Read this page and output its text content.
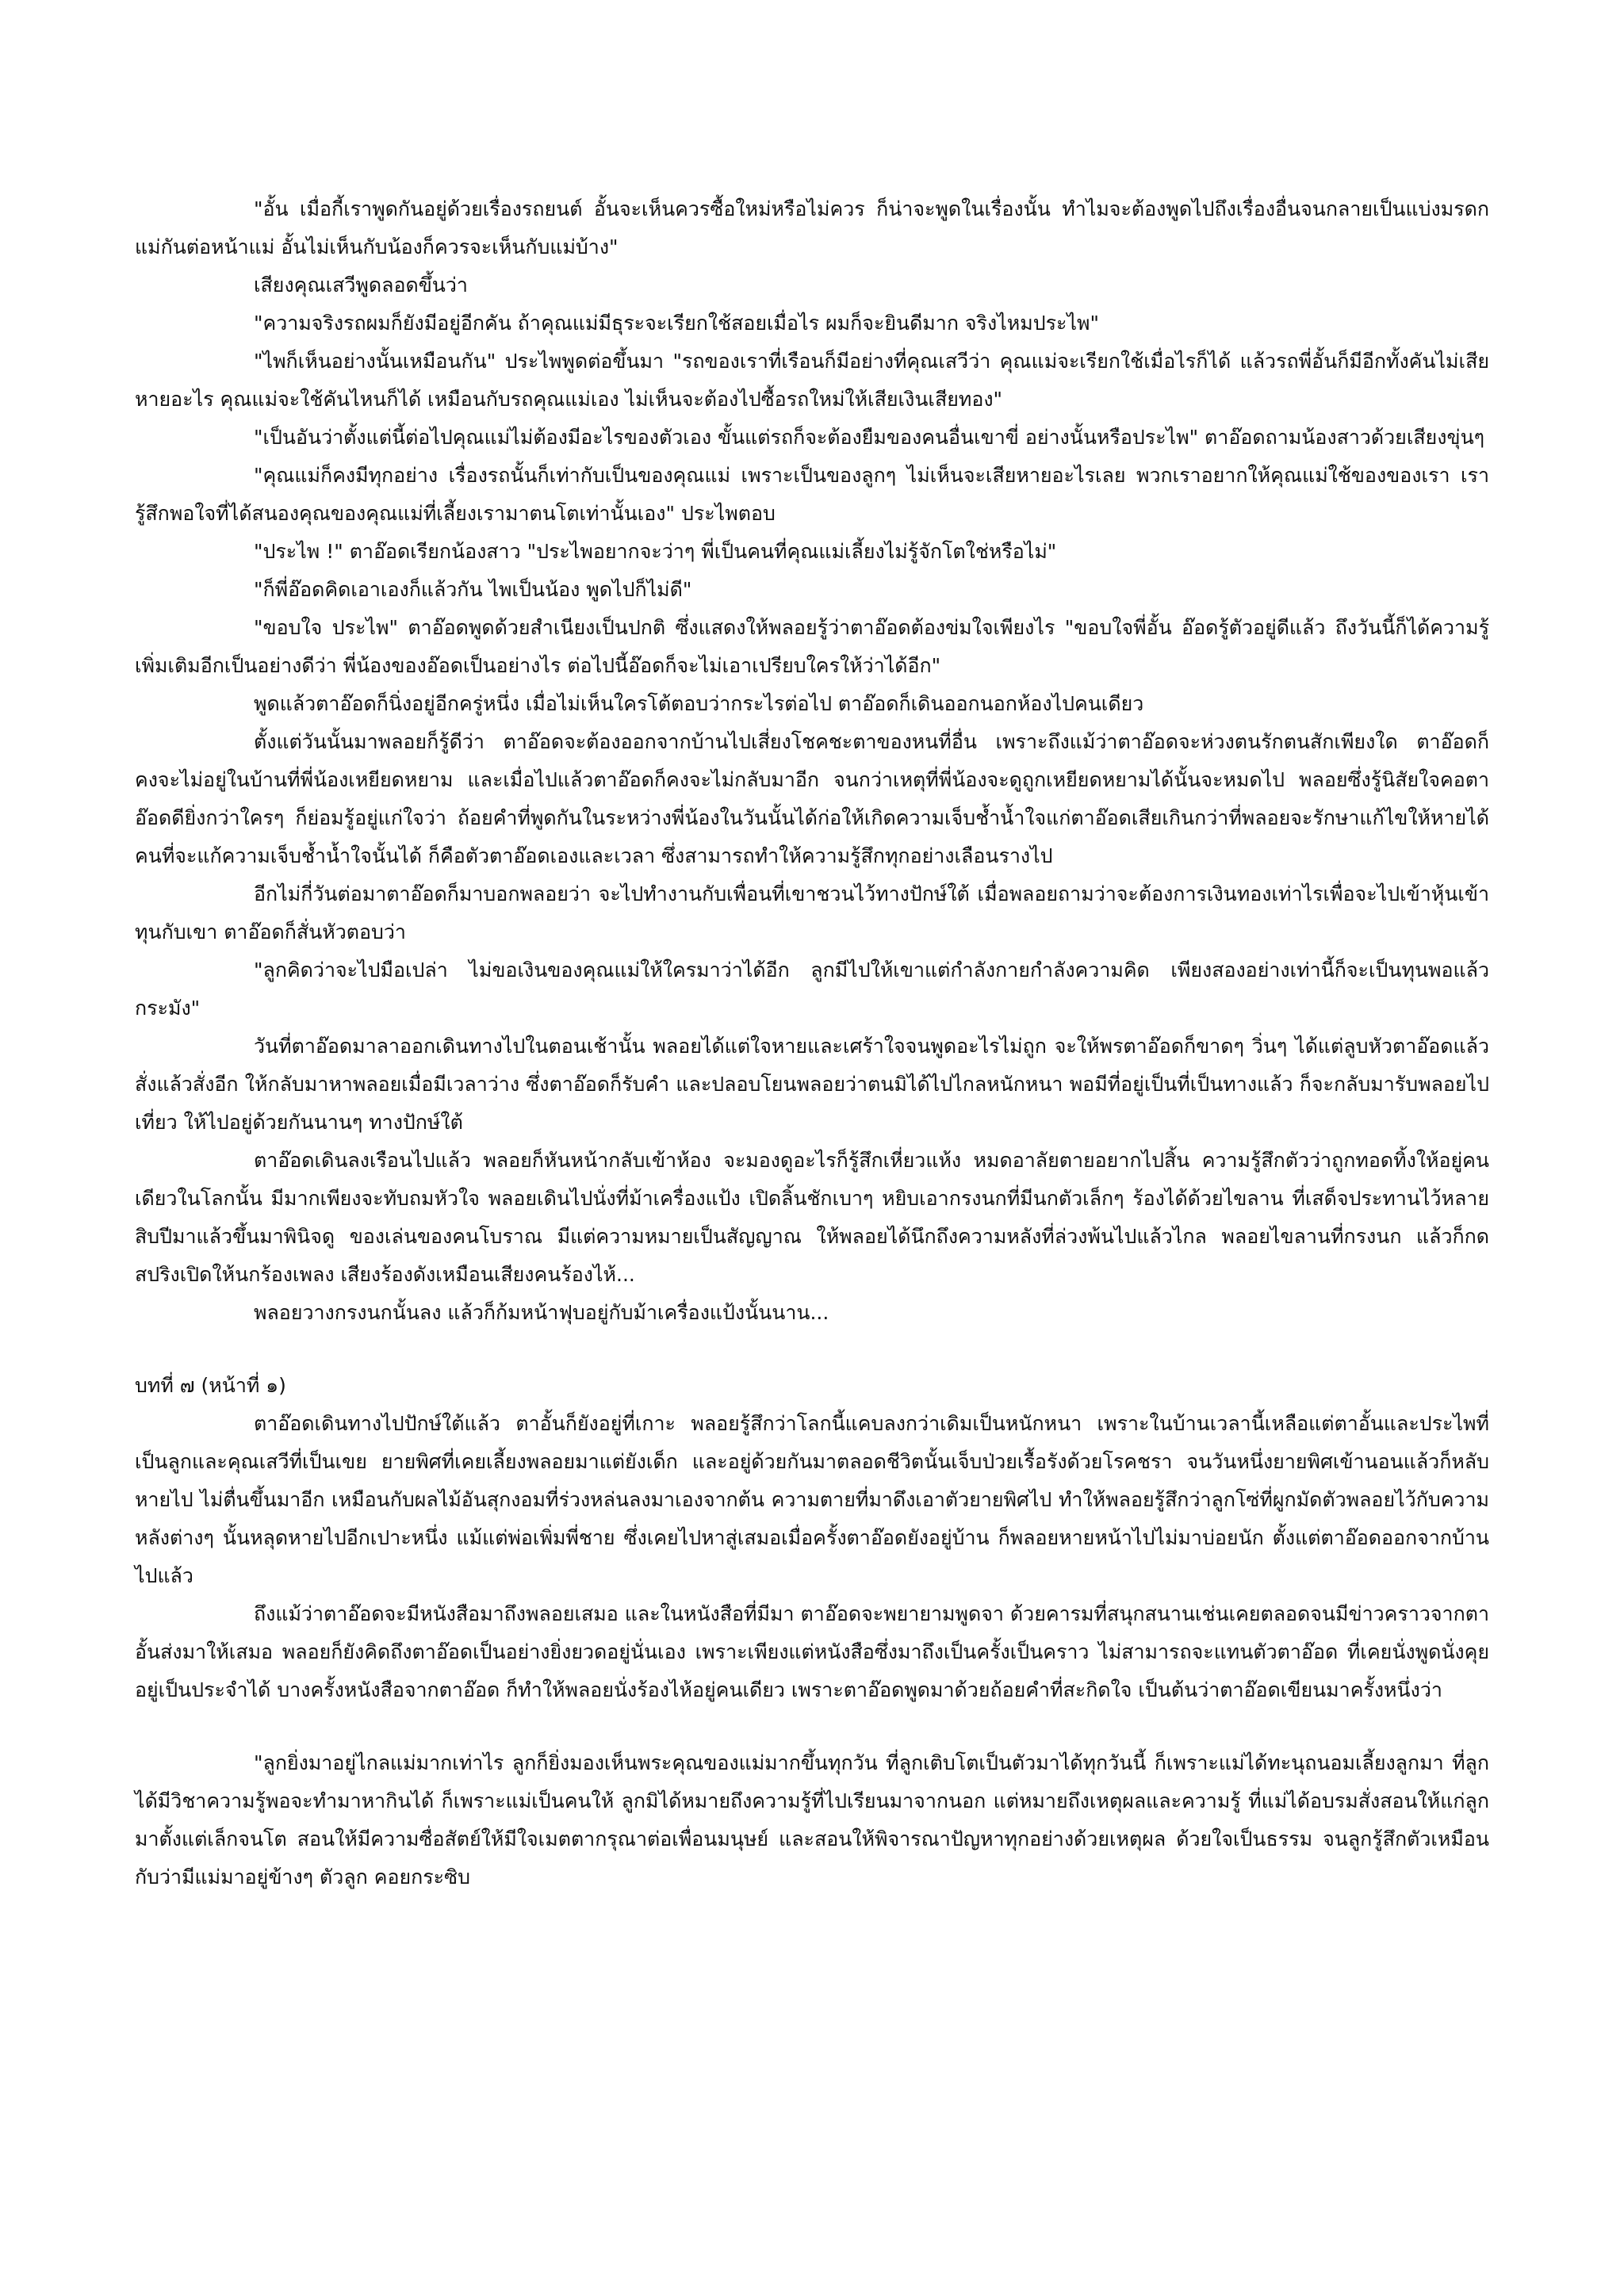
"อั้น เมื่อกี้เราพูดกันอยู่ด้วยเรื่องรถยนต์ อั้นจะเห็นควรซื้อใหม่หรือไม่ควร ก็น่าจะพูดในเรื่องนั้น ทำไมจะต้องพูดไปถึงเรื่องอื่นจนกลายเป็นแบ่งมรดกแม่กันต่อหน้าแม่ อั้นไม่เห็นกับน้องก็ควรจะเห็นกับแม่บ้าง"

เสียงคุณเสวีพูดลอดขึ้นว่า

"ความจริงรถผมก็ยังมีอยู่อีกคัน ถ้าคุณแม่มีธุระจะเรียกใช้สอยเมื่อไร ผมก็จะยินดีมาก จริงไหมประไพ"

"ไพก็เห็นอย่างนั้นเหมือนกัน" ประไพพูดต่อขึ้นมา "รถของเราที่เรือนก็มีอย่างที่คุณเสวีว่า คุณแม่จะเรียกใช้เมื่อไรก็ได้ แล้วรถพี่อั้นก็มีอีกทั้งคันไม่เสียหายอะไร คุณแม่จะใช้คันไหนก็ได้ เหมือนกับรถคุณแม่เอง ไม่เห็นจะต้องไปซื้อรถใหม่ให้เสียเงินเสียทอง"

"เป็นอันว่าตั้งแต่นี้ต่อไปคุณแม่ไม่ต้องมีอะไรของตัวเอง ขั้นแต่รถก็จะต้องยืมของคนอื่นเขาขี่ อย่างนั้นหรือประไพ" ตาอ๊อดถามน้องสาวด้วยเสียงขุ่นๆ

"คุณแม่ก็คงมีทุกอย่าง เรื่องรถนั้นก็เท่ากับเป็นของคุณแม่ เพราะเป็นของลูกๆ ไม่เห็นจะเสียหายอะไรเลย พวกเราอยากให้คุณแม่ใช้ของของเรา เรารู้สึกพอใจที่ได้สนองคุณของคุณแม่ที่เลี้ยงเรามาตนโตเท่านั้นเอง" ประไพตอบ

"ประไพ !" ตาอ๊อดเรียกน้องสาว "ประไพอยากจะว่าๆ พี่เป็นคนที่คุณแม่เลี้ยงไม่รู้จักโตใช่หรือไม่"

"ก็พี่อ๊อดคิดเอาเองก็แล้วกัน ไพเป็นน้อง พูดไปก็ไม่ดี"

"ขอบใจ ประไพ" ตาอ๊อดพูดด้วยสำเนียงเป็นปกติ ซึ่งแสดงให้พลอยรู้ว่าตาอ๊อดต้องข่มใจเพียงไร "ขอบใจพี่อั้น อ๊อดรู้ตัวอยู่ดีแล้ว ถึงวันนี้ก็ได้ความรู้เพิ่มเติมอีกเป็นอย่างดีว่า พี่น้องของอ๊อดเป็นอย่างไร ต่อไปนี้อ๊อดก็จะไม่เอาเปรียบใครให้ว่าได้อีก"

พูดแล้วตาอ๊อดก็นิ่งอยู่อีกครู่หนึ่ง เมื่อไม่เห็นใครโต้ตอบว่ากระไรต่อไป ตาอ๊อดก็เดินออกนอกห้องไปคนเดียว

ตั้งแต่วันนั้นมาพลอยก็รู้ดีว่า ตาอ๊อดจะต้องออกจากบ้านไปเสี่ยงโชคชะตาของหนที่อื่น เพราะถึงแม้ว่าตาอ๊อดจะห่วงตนรักตนสักเพียงใด ตาอ๊อดก็คงจะไม่อยู่ในบ้านที่พี่น้องเหยียดหยาม และเมื่อไปแล้วตาอ๊อดก็คงจะไม่กลับมาอีก จนกว่าเหตุที่พี่น้องจะดูถูกเหยียดหยามได้นั้นจะหมดไป พลอยซึ่งรู้นิสัยใจคอตาอ๊อดดียิ่งกว่าใครๆ ก็ย่อมรู้อยู่แก่ใจว่า ถ้อยคำที่พูดกันในระหว่างพี่น้องในวันนั้นได้ก่อให้เกิดความเจ็บช้ำน้ำใจแก่ตาอ๊อดเสียเกินกว่าที่พลอยจะรักษาแก้ไขให้หายได้ คนที่จะแก้ความเจ็บช้ำน้ำใจนั้นได้ ก็คือตัวตาอ๊อดเองและเวลา ซึ่งสามารถทำให้ความรู้สึกทุกอย่างเลือนรางไป

อีกไม่กี่วันต่อมาตาอ๊อดก็มาบอกพลอยว่า จะไปทำงานกับเพื่อนที่เขาชวนไว้ทางปักษ์ใต้ เมื่อพลอยถามว่าจะต้องการเงินทองเท่าไรเพื่อจะไปเข้าหุ้นเข้าทุนกับเขา ตาอ๊อดก็สั่นหัวตอบว่า

"ลูกคิดว่าจะไปมือเปล่า ไม่ขอเงินของคุณแม่ให้ใครมาว่าได้อีก ลูกมีไปให้เขาแต่กำลังกายกำลังความคิด เพียงสองอย่างเท่านี้ก็จะเป็นทุนพอแล้วกระมัง"

วันที่ตาอ๊อดมาลาออกเดินทางไปในตอนเช้านั้น พลอยได้แต่ใจหายและเศร้าใจจนพูดอะไรไม่ถูก จะให้พรตาอ๊อดก็ขาดๆ วิ่นๆ ได้แต่ลูบหัวตาอ๊อดแล้วสั่งแล้วสั่งอีก ให้กลับมาหาพลอยเมื่อมีเวลาว่าง ซึ่งตาอ๊อดก็รับคำ และปลอบโยนพลอยว่าตนมิได้ไปไกลหนักหนา พอมีที่อยู่เป็นที่เป็นทางแล้ว ก็จะกลับมารับพลอยไปเที่ยว ให้ไปอยู่ด้วยกันนานๆ ทางปักษ์ใต้

ตาอ๊อดเดินลงเรือนไปแล้ว พลอยก็หันหน้ากลับเข้าห้อง จะมองดูอะไรก็รู้สึกเหี่ยวแห้ง หมดอาลัยตายอยากไปสิ้น ความรู้สึกตัวว่าถูกทอดทิ้งให้อยู่คนเดียวในโลกนั้น มีมากเพียงจะทับถมหัวใจ พลอยเดินไปนั่งที่ม้าเครื่องแป้ง เปิดลิ้นชักเบาๆ หยิบเอากรงนกที่มีนกตัวเล็กๆ ร้องได้ด้วยไขลาน ที่เสด็จประทานไว้หลายสิบปีมาแล้วขึ้นมาพินิจดู ของเล่นของคนโบราณ มีแต่ความหมายเป็นสัญญาณ ให้พลอยได้นึกถึงความหลังที่ล่วงพ้นไปแล้วไกล พลอยไขลานที่กรงนก แล้วก็กดสปริงเปิดให้นกร้องเพลง เสียงร้องดังเหมือนเสียงคนร้องไห้...

พลอยวางกรงนกนั้นลง แล้วก็ก้มหน้าฟุบอยู่กับม้าเครื่องแป้งนั้นนาน...

บทที่ ๗ (หน้าที่ ๑)

ตาอ๊อดเดินทางไปปักษ์ใต้แล้ว ตาอั้นก็ยังอยู่ที่เกาะ พลอยรู้สึกว่าโลกนี้แคบลงกว่าเดิมเป็นหนักหนา เพราะในบ้านเวลานี้เหลือแต่ตาอั้นและประไพที่เป็นลูกและคุณเสวีที่เป็นเขย ยายพิศที่เคยเลี้ยงพลอยมาแต่ยังเด็ก และอยู่ด้วยกันมาตลอดชีวิตนั้นเจ็บป่วยเรื้อรังด้วยโรคชรา จนวันหนึ่งยายพิศเข้านอนแล้วก็หลับหายไป ไม่ตื่นขึ้นมาอีก เหมือนกับผลไม้อันสุกงอมที่ร่วงหล่นลงมาเองจากต้น ความตายที่มาดึงเอาตัวยายพิศไป ทำให้พลอยรู้สึกว่าลูกโซ่ที่ผูกมัดตัวพลอยไว้กับความหลังต่างๆ นั้นหลุดหายไปอีกเปาะหนึ่ง แม้แต่พ่อเพิ่มพี่ชาย ซึ่งเคยไปหาสู่เสมอเมื่อครั้งตาอ๊อดยังอยู่บ้าน ก็พลอยหายหน้าไปไม่มาบ่อยนัก ตั้งแต่ตาอ๊อดออกจากบ้านไปแล้ว

ถึงแม้ว่าตาอ๊อดจะมีหนังสือมาถึงพลอยเสมอ และในหนังสือที่มีมา ตาอ๊อดจะพยายามพูดจา ด้วยคารมที่สนุกสนานเช่นเคยตลอดจนมีข่าวคราวจากตาอั้นส่งมาให้เสมอ พลอยก็ยังคิดถึงตาอ๊อดเป็นอย่างยิ่งยวดอยู่นั่นเอง เพราะเพียงแต่หนังสือซึ่งมาถึงเป็นครั้งเป็นคราว ไม่สามารถจะแทนตัวตาอ๊อด ที่เคยนั่งพูดนั่งคุยอยู่เป็นประจำได้ บางครั้งหนังสือจากตาอ๊อด ก็ทำให้พลอยนั่งร้องไห้อยู่คนเดียว เพราะตาอ๊อดพูดมาด้วยถ้อยคำที่สะกิดใจ เป็นต้นว่าตาอ๊อดเขียนมาครั้งหนึ่งว่า

"ลูกยิ่งมาอยู่ไกลแม่มากเท่าไร ลูกก็ยิ่งมองเห็นพระคุณของแม่มากขึ้นทุกวัน ที่ลูกเติบโตเป็นตัวมาได้ทุกวันนี้ ก็เพราะแม่ได้ทะนุถนอมเลี้ยงลูกมา ที่ลูกได้มีวิชาความรู้พอจะทำมาหากินได้ ก็เพราะแม่เป็นคนให้ ลูกมิได้หมายถึงความรู้ที่ไปเรียนมาจากนอก แต่หมายถึงเหตุผลและความรู้ ที่แม่ได้อบรมสั่งสอนให้แก่ลูกมาตั้งแต่เล็กจนโต สอนให้มีความซื่อสัตย์ให้มีใจเมตตากรุณาต่อเพื่อนมนุษย์ และสอนให้พิจารณาปัญหาทุกอย่างด้วยเหตุผล ด้วยใจเป็นธรรม จนลูกรู้สึกตัวเหมือนกับว่ามีแม่มาอยู่ข้างๆ ตัวลูก คอยกระซิบ
